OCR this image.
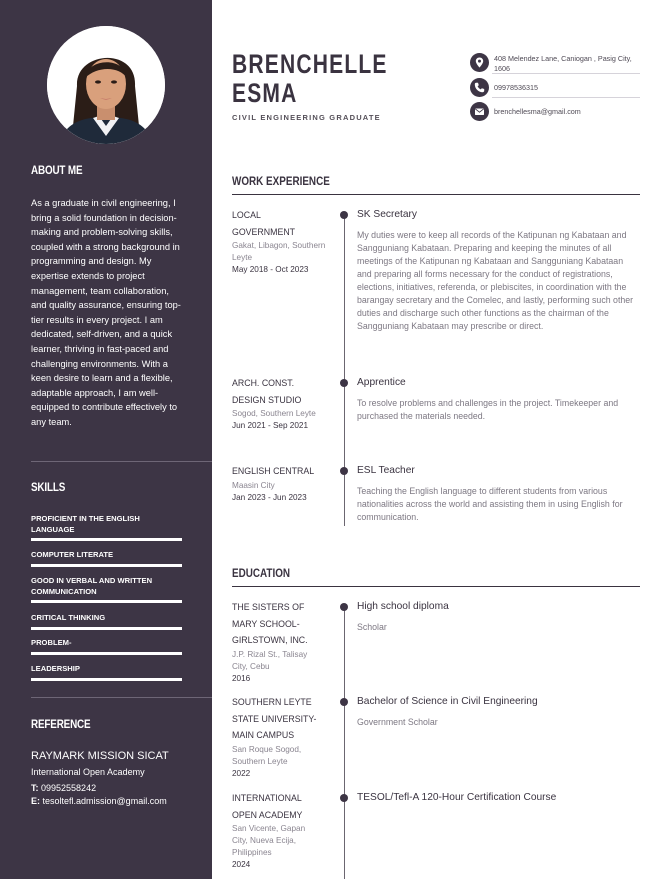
ABOUT ME
As a graduate in civil engineering, I bring a solid foundation in decision-making and problem-solving skills, coupled with a strong background in programming and design. My expertise extends to project management, team collaboration, and quality assurance, ensuring top-tier results in every project. I am dedicated, self-driven, and a quick learner, thriving in fast-paced and challenging environments. With a keen desire to learn and a flexible, adaptable approach, I am well-equipped to contribute effectively to any team.
SKILLS
PROFICIENT IN THE ENGLISH LANGUAGE
COMPUTER LITERATE
GOOD IN VERBAL AND WRITTEN COMMUNICATION
CRITICAL THINKING
PROBLEM-
LEADERSHIP
REFERENCE
RAYMARK MISSION SICAT
International Open Academy
T: 09952558242
E: tesoltefl.admission@gmail.com
BRENCHELLE
ESMA
CIVIL ENGINEERING GRADUATE
408 Melendez Lane, Caniogan , Pasig City, 1606
09978536315
brenchellesma@gmail.com
WORK EXPERIENCE
LOCAL
GOVERNMENT
Gakat, Libagon, Southern Leyte
May 2018 - Oct 2023
SK Secretary
My duties were to keep all records of the Katipunan ng Kabataan and Sangguniang Kabataan. Preparing and keeping the minutes of all meetings of the Katipunan ng Kabataan and Sangguniang Kabataan and preparing all forms necessary for the conduct of registrations, elections, initiatives, referenda, or plebiscites, in coordination with the barangay secretary and the Comelec, and lastly, performing such other duties and discharge such other functions as the chairman of the Sangguniang Kabataan may prescribe or direct.
ARCH. CONST.
DESIGN STUDIO
Sogod, Southern Leyte
Jun 2021 - Sep 2021
Apprentice
To resolve problems and challenges in the project. Timekeeper and purchased the materials needed.
ENGLISH CENTRAL
Maasin City
Jan 2023 - Jun 2023
ESL Teacher
Teaching the English language to different students from various nationalities across the world and assisting them in using English for communication.
EDUCATION
THE SISTERS OF
MARY SCHOOL-
GIRLSTOWN, INC.
J.P. Rizal St., Talisay City, Cebu
2016
High school diploma
Scholar
SOUTHERN LEYTE
STATE UNIVERSITY-
MAIN CAMPUS
San Roque Sogod, Southern Leyte
2022
Bachelor of Science in Civil Engineering
Government Scholar
INTERNATIONAL
OPEN ACADEMY
San Vicente, Gapan City, Nueva Ecija, Philippines
2024
TESOL/Tefl-A 120-Hour Certification Course
